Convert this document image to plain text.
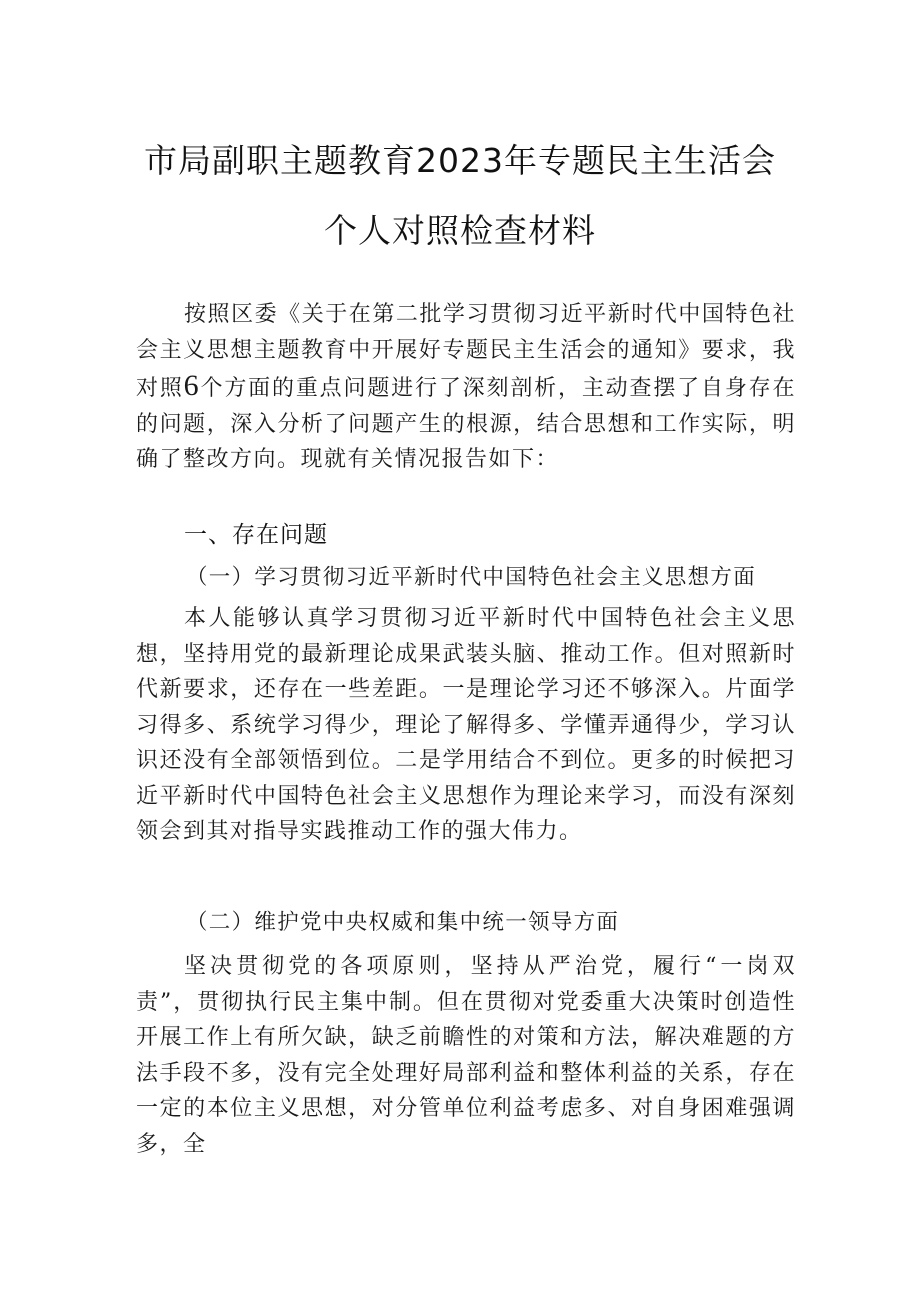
市局副职主题教育2023年专题民主生活会
个人对照检查材料
按照区委《关于在第二批学习贯彻习近平新时代中国特色社会主义思想主题教育中开展好专题民主生活会的通知》要求，我对照6个方面的重点问题进行了深刻剖析，主动查摆了自身存在的问题，深入分析了问题产生的根源，结合思想和工作实际，明确了整改方向。现就有关情况报告如下：
一、存在问题
（一）学习贯彻习近平新时代中国特色社会主义思想方面
本人能够认真学习贯彻习近平新时代中国特色社会主义思想，坚持用党的最新理论成果武装头脑、推动工作。但对照新时代新要求，还存在一些差距。一是理论学习还不够深入。片面学习得多、系统学习得少，理论了解得多、学懂弄通得少，学习认识还没有全部领悟到位。二是学用结合不到位。更多的时候把习近平新时代中国特色社会主义思想作为理论来学习，而没有深刻领会到其对指导实践推动工作的强大伟力。
（二）维护党中央权威和集中统一领导方面
坚决贯彻党的各项原则，坚持从严治党，履行“一岗双责”，贯彻执行民主集中制。但在贯彻对党委重大决策时创造性开展工作上有所欠缺，缺乏前瞻性的对策和方法，解决难题的方法手段不多，没有完全处理好局部利益和整体利益的关系，存在一定的本位主义思想，对分管单位利益考虑多、对自身困难强调多，全
